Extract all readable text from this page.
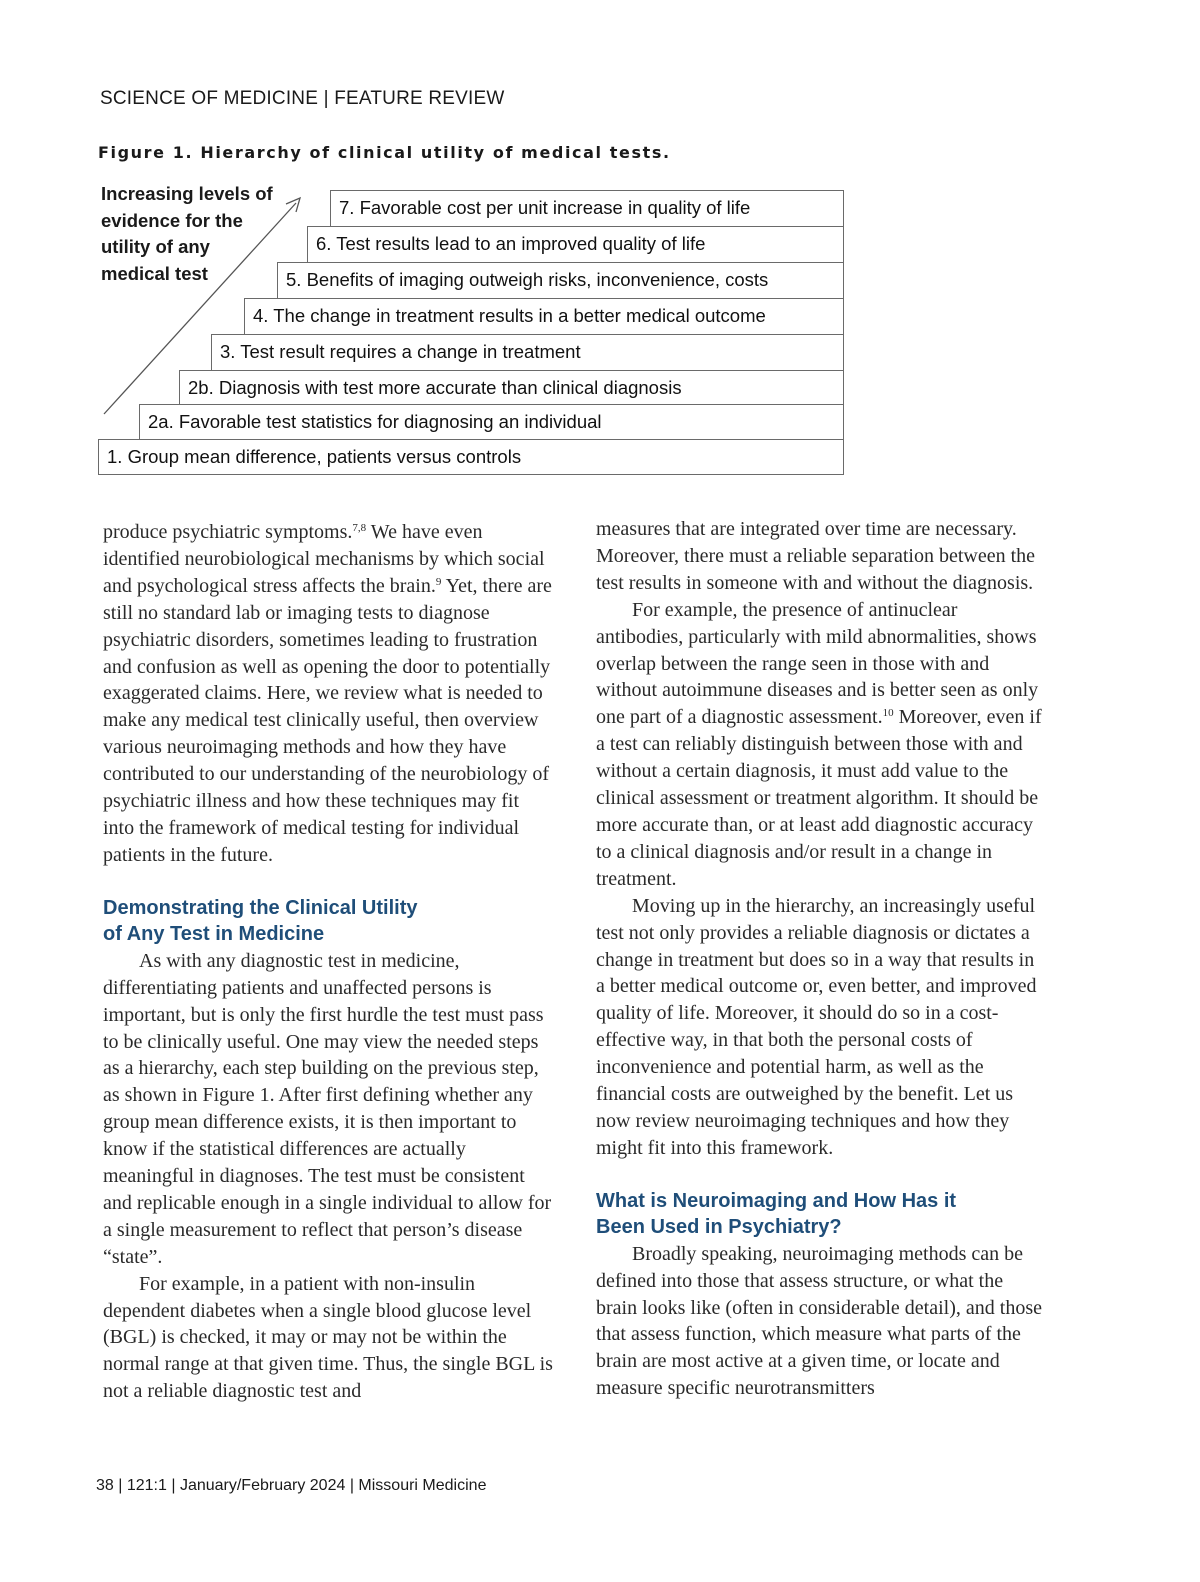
SCIENCE OF MEDICINE | FEATURE REVIEW
Figure 1. Hierarchy of clinical utility of medical tests.
Increasing levels of
evidence for the
utility of any
medical test
7. Favorable cost per unit increase in quality of life
6. Test results lead to an improved quality of life
5. Benefits of imaging outweigh risks, inconvenience, costs
4. The change in treatment results in a better medical outcome
3. Test result requires a change in treatment
2b. Diagnosis with test more accurate than clinical diagnosis
2a. Favorable test statistics for diagnosing an individual
1. Group mean difference, patients versus controls

produce psychiatric symptoms.$^{7,8}$ We have even identified neurobiological mechanisms by which social and psychological stress affects the brain.$^9$ Yet, there are still no standard lab or imaging tests to diagnose psychiatric disorders, sometimes leading to frustration and confusion as well as opening the door to potentially exaggerated claims. Here, we review what is needed to make any medical test clinically useful, then overview various neuroimaging methods and how they have contributed to our understanding of the neurobiology of psychiatric illness and how these techniques may fit into the framework of medical testing for individual patients in the future.

Demonstrating the Clinical Utility
of Any Test in Medicine

As with any diagnostic test in medicine, differentiating patients and unaffected persons is important, but is only the first hurdle the test must pass to be clinically useful. One may view the needed steps as a hierarchy, each step building on the previous step, as shown in Figure 1. After first defining whether any group mean difference exists, it is then important to know if the statistical differences are actually meaningful in diagnoses. The test must be consistent and replicable enough in a single individual to allow for a single measurement to reflect that person’s disease “state”.

For example, in a patient with non-insulin dependent diabetes when a single blood glucose level (BGL) is checked, it may or may not be within the normal range at that given time. Thus, the single BGL is not a reliable diagnostic test and

measures that are integrated over time are necessary. Moreover, there must a reliable separation between the test results in someone with and without the diagnosis.

For example, the presence of antinuclear antibodies, particularly with mild abnormalities, shows overlap between the range seen in those with and without autoimmune diseases and is better seen as only one part of a diagnostic assessment.$^{10}$ Moreover, even if a test can reliably distinguish between those with and without a certain diagnosis, it must add value to the clinical assessment or treatment algorithm. It should be more accurate than, or at least add diagnostic accuracy to a clinical diagnosis and/or result in a change in treatment.

Moving up in the hierarchy, an increasingly useful test not only provides a reliable diagnosis or dictates a change in treatment but does so in a way that results in a better medical outcome or, even better, and improved quality of life. Moreover, it should do so in a cost-effective way, in that both the personal costs of inconvenience and potential harm, as well as the financial costs are outweighed by the benefit. Let us now review neuroimaging techniques and how they might fit into this framework.

What is Neuroimaging and How Has it
Been Used in Psychiatry?

Broadly speaking, neuroimaging methods can be defined into those that assess structure, or what the brain looks like (often in considerable detail), and those that assess function, which measure what parts of the brain are most active at a given time, or locate and measure specific neurotransmitters

38 | 121:1 | January/February 2024 | Missouri Medicine
